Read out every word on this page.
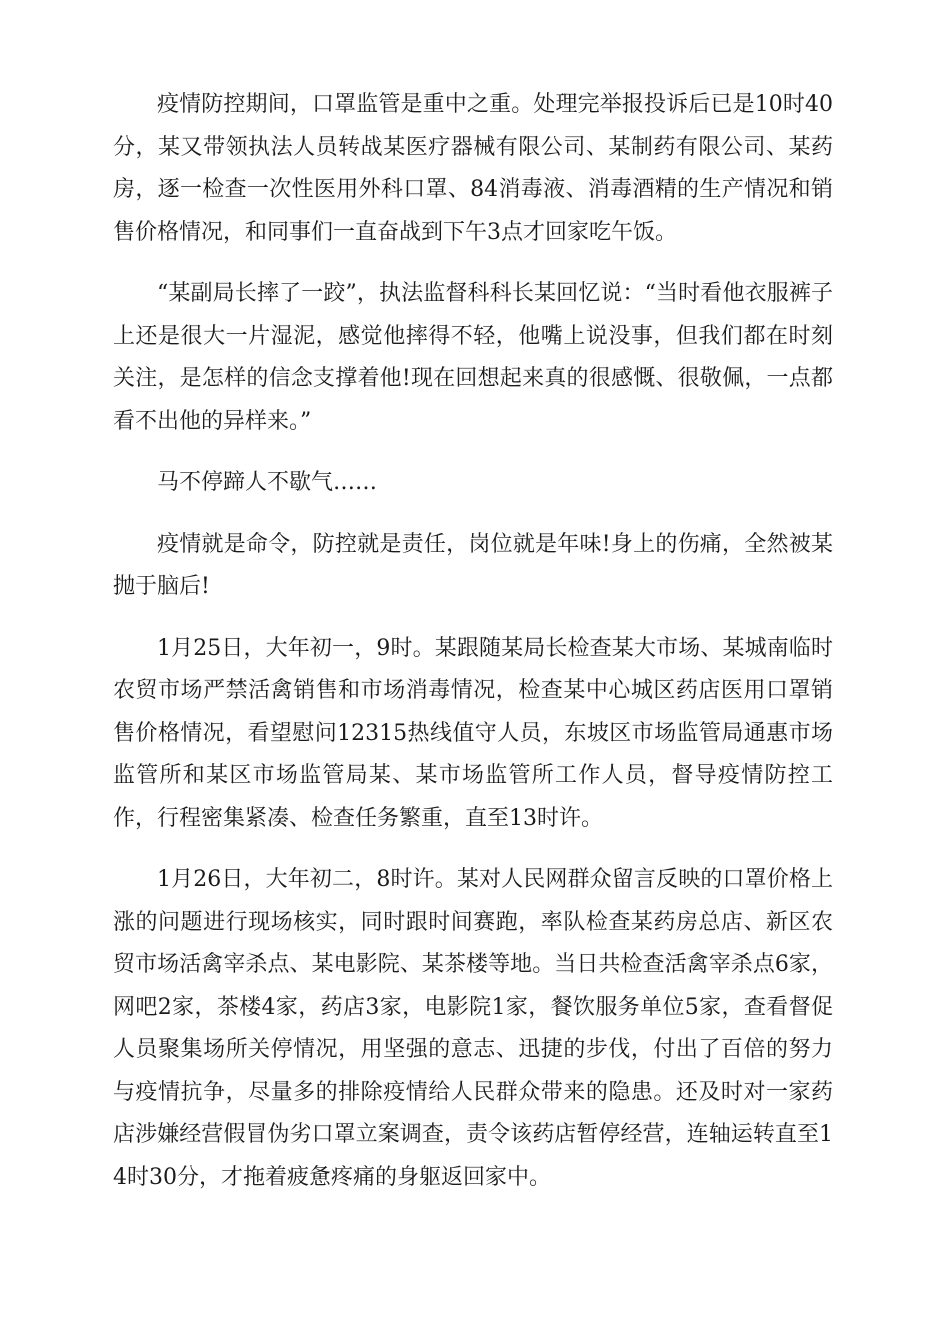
疫情防控期间，口罩监管是重中之重。处理完举报投诉后已是10时40分，某又带领执法人员转战某医疗器械有限公司、某制药有限公司、某药房，逐一检查一次性医用外科口罩、84消毒液、消毒酒精的生产情况和销售价格情况，和同事们一直奋战到下午3点才回家吃午饭。

“某副局长摔了一跤”，执法监督科科长某回忆说：“当时看他衣服裤子上还是很大一片湿泥，感觉他摔得不轻，他嘴上说没事，但我们都在时刻关注，是怎样的信念支撑着他!现在回想起来真的很感慨、很敬佩，一点都看不出他的异样来。”

马不停蹄人不歇气……

疫情就是命令，防控就是责任，岗位就是年味!身上的伤痛，全然被某抛于脑后!

1月25日，大年初一，9时。某跟随某局长检查某大市场、某城南临时农贸市场严禁活禽销售和市场消毒情况，检查某中心城区药店医用口罩销售价格情况，看望慰问12315热线值守人员，东坡区市场监管局通惠市场监管所和某区市场监管局某、某市场监管所工作人员，督导疫情防控工作，行程密集紧凑、检查任务繁重，直至13时许。

1月26日，大年初二，8时许。某对人民网群众留言反映的口罩价格上涨的问题进行现场核实，同时跟时间赛跑，率队检查某药房总店、新区农贸市场活禽宰杀点、某电影院、某茶楼等地。当日共检查活禽宰杀点6家，网吧2家，茶楼4家，药店3家，电影院1家，餐饮服务单位5家，查看督促人员聚集场所关停情况，用坚强的意志、迅捷的步伐，付出了百倍的努力与疫情抗争，尽量多的排除疫情给人民群众带来的隐患。还及时对一家药店涉嫌经营假冒伪劣口罩立案调查，责令该药店暂停经营，连轴运转直至14时30分，才拖着疲惫疼痛的身躯返回家中。
